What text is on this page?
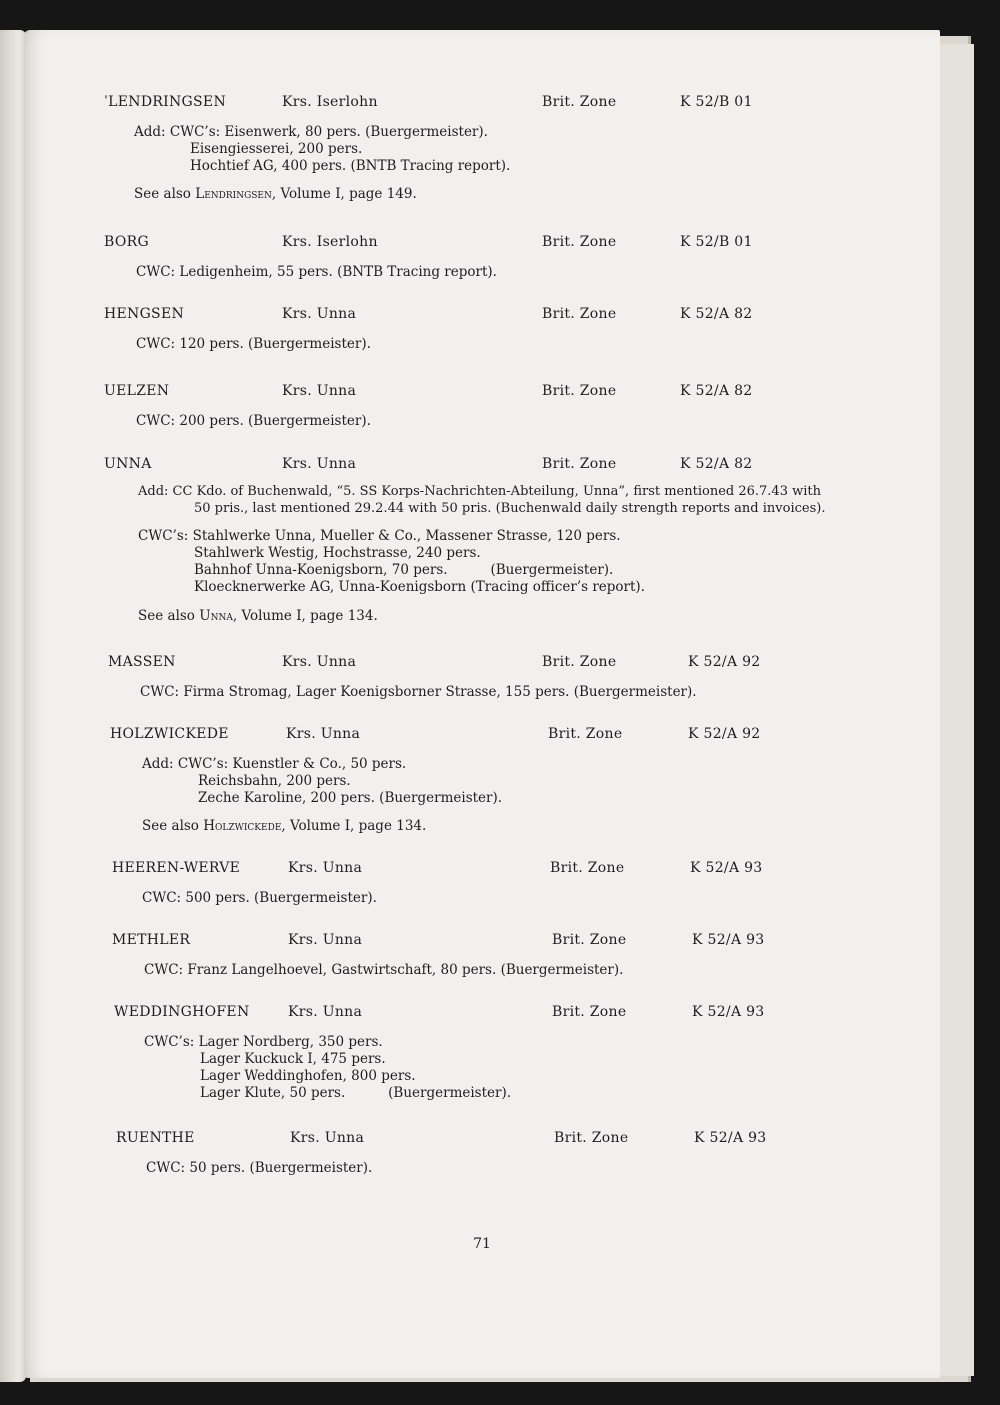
ˈLENDRINGSEN	Krs. Iserlohn	Brit. Zone	K 52/B 01
Add: CWC’s: Eisenwerk, 80 pers. (Buergermeister).
Eisengiesserei, 200 pers.
Hochtief AG, 400 pers. (BNTB Tracing report).
See also Lendringsen, Volume I, page 149.
BORG	Krs. Iserlohn	Brit. Zone	K 52/B 01
CWC: Ledigenheim, 55 pers. (BNTB Tracing report).
HENGSEN	Krs. Unna	Brit. Zone	K 52/A 82
CWC: 120 pers. (Buergermeister).
UELZEN	Krs. Unna	Brit. Zone	K 52/A 82
CWC: 200 pers. (Buergermeister).
UNNA	Krs. Unna	Brit. Zone	K 52/A 82
Add: CC Kdo. of Buchenwald, “5. SS Korps-Nachrichten-Abteilung, Unna”, first mentioned 26.7.43 with
50 pris., last mentioned 29.2.44 with 50 pris. (Buchenwald daily strength reports and invoices).
CWC’s: Stahlwerke Unna, Mueller & Co., Massener Strasse, 120 pers.
Stahlwerk Westig, Hochstrasse, 240 pers.
Bahnhof Unna-Koenigsborn, 70 pers.          (Buergermeister).
Kloecknerwerke AG, Unna-Koenigsborn (Tracing officer’s report).
See also Unna, Volume I, page 134.
MASSEN	Krs. Unna	Brit. Zone	K 52/A 92
CWC: Firma Stromag, Lager Koenigsborner Strasse, 155 pers. (Buergermeister).
HOLZWICKEDE	Krs. Unna	Brit. Zone	K 52/A 92
Add: CWC’s: Kuenstler & Co., 50 pers.
Reichsbahn, 200 pers.
Zeche Karoline, 200 pers. (Buergermeister).
See also Holzwickede, Volume I, page 134.
HEEREN-WERVE	Krs. Unna	Brit. Zone	K 52/A 93
CWC: 500 pers. (Buergermeister).
METHLER	Krs. Unna	Brit. Zone	K 52/A 93
CWC: Franz Langelhoevel, Gastwirtschaft, 80 pers. (Buergermeister).
WEDDINGHOFEN	Krs. Unna	Brit. Zone	K 52/A 93
CWC’s: Lager Nordberg, 350 pers.
Lager Kuckuck I, 475 pers.
Lager Weddinghofen, 800 pers.
Lager Klute, 50 pers.          (Buergermeister).
RUENTHE	Krs. Unna	Brit. Zone	K 52/A 93
CWC: 50 pers. (Buergermeister).
71
